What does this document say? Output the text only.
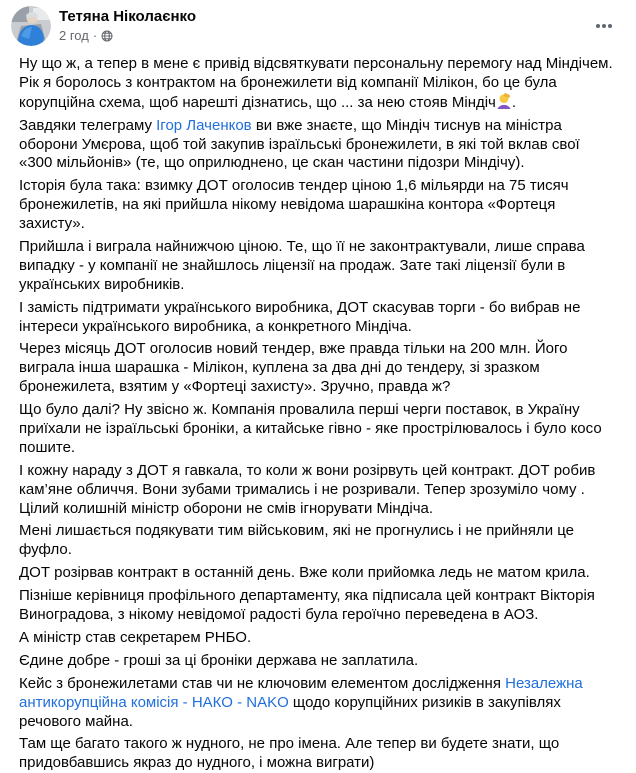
Тетяна Ніколаєнко
2 год ·
Ну що ж, а тепер в мене є привід відсвяткувати персональну перемогу над Міндічем. Рік я боролось з контрактом на бронежилети від компанії Мілікон, бо це була корупційна схема, щоб нарешті дізнатись, що ... за нею стояв Міндіч .
Завдяки телеграму Ігор Лаченков ви вже знаєте, що Міндіч тиснув на міністра оборони Умєрова, щоб той закупив ізраїльські бронежилети, в які той вклав свої «300 мільйонів» (те, що оприлюднено, це скан частини підозри Міндічу).
Історія була така: взимку ДОТ оголосив тендер ціною 1,6 мільярди на 75 тисяч бронежилетів, на які прийшла нікому невідома шарашкіна контора «Фортеця захисту».
Прийшла і виграла найнижчою ціною. Те, що її не законтрактували, лише справа випадку - у компанії не знайшлось ліцензії на продаж. Зате такі ліцензії були в українських виробників.
І замість підтримати українського виробника, ДОТ скасував торги - бо вибрав не інтереси українського виробника, а конкретного Міндіча.
Через місяць ДОТ оголосив новий тендер, вже правда тільки на 200 млн. Його виграла інша шарашка - Мілікон, куплена за два дні до тендеру, зі зразком бронежилета, взятим у «Фортеці захисту». Зручно, правда ж?
Що було далі? Ну звісно ж. Компанія провалила перші черги поставок, в Україну приїхали не ізраїльські броніки, а китайське гівно - яке прострілювалось і було косо пошите.
І кожну нараду з ДОТ я гавкала, то коли ж вони розірвуть цей контракт. ДОТ робив кам’яне обличчя. Вони зубами тримались і не розривали. Тепер зрозуміло чому . Цілий колишній міністр оборони не смів ігнорувати Міндіча.
Мені лишається подякувати тим військовим, які не прогнулись і не прийняли це фуфло.
ДОТ розірвав контракт в останній день. Вже коли прийомка ледь не матом крила.
Пізніше керівниця профільного департаменту, яка підписала цей контракт Вікторія Виноградова, з нікому невідомої радості була героїчно переведена в АОЗ.
А міністр став секретарем РНБО.
Єдине добре - гроші за ці броніки держава не заплатила.
Кейс з бронежилетами став чи не ключовим елементом дослідження Незалежна антикорупційна комісія - НАКО - NAKO щодо корупційних ризиків в закупівлях речового майна.
Там ще багато такого ж нудного, не про імена. Але тепер ви будете знати, що придовбавшись якраз до нудного, і можна виграти)
